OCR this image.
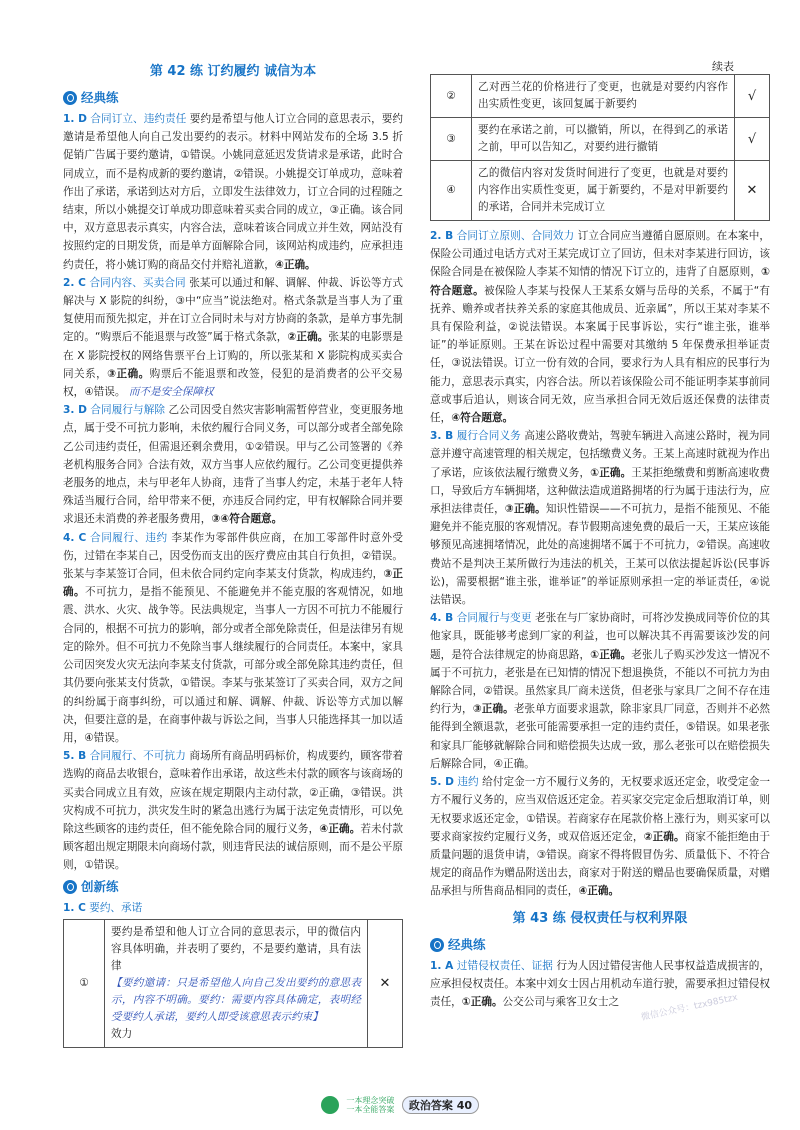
续表
第 42 练 订约履约 诚信为本
经典练
1. D 合同订立、违约责任 要约是希望与他人订立合同的意思表示，要约邀请是希望他人向自己发出要约的表示。材料中网站发布的全场 3.5 折促销广告属于要约邀请，①错误。小姚同意延迟发货请求是承诺，此时合同成立，而不是构成新的要约邀请，②错误。小姚提交订单成功，意味着作出了承诺，承诺到达对方后，立即发生法律效力，订立合同的过程随之结束，所以小姚提交订单成功即意味着买卖合同的成立，③正确。该合同中，双方意思表示真实，内容合法，意味着该合同成立并生效，网站没有按照约定的日期发货，而是单方面解除合同，该网站构成违约，应承担违约责任，将小姚订购的商品交付并赔礼道歉，④正确。
2. C 合同内容、买卖合同 张某可以通过和解、调解、仲裁、诉讼等方式解决与 X 影院的纠纷，③中“应当”说法绝对。格式条款是当事人为了重复使用而预先拟定，并在订立合同时未与对方协商的条款，是单方事先制定的。“购票后不能退票与改签”属于格式条款，②正确。张某的电影票是在 X 影院授权的网络售票平台上订购的，所以张某和 X 影院构成买卖合同关系，③正确。购票后不能退票和改签，侵犯的是消费者的公平交易权，④错误。 而不是安全保障权
3. D 合同履行与解除 乙公司因受自然灾害影响需暂停营业，变更服务地点，属于受不可抗力影响，未依约履行合同义务，可以部分或者全部免除乙公司违约责任，但需退还剩余费用，①②错误。甲与乙公司签署的《养老机构服务合同》合法有效，双方当事人应依约履行。乙公司变更提供养老服务的地点，未与甲老年人协商，违背了当事人约定，未基于老年人特殊适当履行合同，给甲带来不便，亦违反合同约定，甲有权解除合同并要求退还未消费的养老服务费用，③④符合题意。
4. C 合同履行、违约 李某作为零部件供应商，在加工零部件时意外受伤，过错在李某自己，因受伤而支出的医疗费应由其自行负担，②错误。张某与李某签订合同，但未依合同约定向李某支付货款，构成违约，③正确。不可抗力，是指不能预见、不能避免并不能克服的客观情况，如地震、洪水、火灾、战争等。民法典规定，当事人一方因不可抗力不能履行合同的，根据不可抗力的影响，部分或者全部免除责任，但是法律另有规定的除外。但不可抗力不免除当事人继续履行的合同责任。本案中，家具公司因突发火灾无法向李某支付货款，可部分或全部免除其违约责任，但其仍要向张某支付货款，①错误。李某与张某签订了买卖合同，双方之间的纠纷属于商事纠纷，可以通过和解、调解、仲裁、诉讼等方式加以解决，但要注意的是，在商事仲裁与诉讼之间，当事人只能选择其一加以适用，④错误。
5. B 合同履行、不可抗力 商场所有商品明码标价，构成要约，顾客带着选购的商品去收银台，意味着作出承诺，故这些未付款的顾客与该商场的买卖合同成立且有效，应该在规定期限内主动付款，②正确，③错误。洪灾构成不可抗力，洪灾发生时的紧急出逃行为属于法定免责情形，可以免除这些顾客的违约责任，但不能免除合同的履行义务，④正确。若未付款顾客超出规定期限未向商场付款，则违背民法的诚信原则，而不是公平原则，①错误。
创新练
1. C 要约、承诺
①	要约是希望和他人订立合同的意思表示，甲的微信内容具体明确，并表明了要约，不是要约邀请，具有法律
【要约邀请：只是希望他人向自己发出要约的意思表示，内容不明确。要约：需要内容具体确定，表明经受要约人承诺，要约人即受该意思表示约束】
效力	✕
②	乙对西兰花的价格进行了变更，也就是对要约内容作出实质性变更，该回复属于新要约	√
③	要约在承诺之前，可以撤销，所以，在得到乙的承诺之前，甲可以告知乙，对要约进行撤销	√
④	乙的微信内容对发货时间进行了变更，也就是对要约内容作出实质性变更，属于新要约，不是对甲新要约的承诺，合同并未完成订立	✕
2. B 合同订立原则、合同效力 订立合同应当遵循自愿原则。在本案中，保险公司通过电话方式对王某完成订立了回访，但未对李某进行回访，该保险合同是在被保险人李某不知情的情况下订立的，违背了自愿原则，①符合题意。被保险人李某与投保人王某系女婿与岳母的关系，不属于“有抚养、赡养或者扶养关系的家庭其他成员、近亲属”，所以王某对李某不具有保险利益，②说法错误。本案属于民事诉讼，实行“谁主张，谁举证”的举证原则。王某在诉讼过程中需要对其缴纳 5 年保费承担举证责任，③说法错误。订立一份有效的合同，要求行为人具有相应的民事行为能力，意思表示真实，内容合法。所以若该保险公司不能证明李某事前同意或事后追认，则该合同无效，应当承担合同无效后返还保费的法律责任，④符合题意。
3. B 履行合同义务 高速公路收费站，驾驶车辆进入高速公路时，视为同意并遵守高速管理的相关规定，包括缴费义务。王某上高速时就视为作出了承诺，应该依法履行缴费义务，①正确。王某拒绝缴费和剪断高速收费口，导致后方车辆拥堵，这种做法造成道路拥堵的行为属于违法行为，应承担法律责任，③正确。知识性错误——不可抗力，是指不能预见、不能避免并不能克服的客观情况。春节假期高速免费的最后一天，王某应该能够预见高速拥堵情况，此处的高速拥堵不属于不可抗力，②错误。高速收费站不是判决王某所做行为违法的机关，王某可以依法提起诉讼(民事诉讼)，需要根据“谁主张，谁举证”的举证原则承担一定的举证责任，④说法错误。
4. B 合同履行与变更 老张在与厂家协商时，可将沙发换成同等价位的其他家具，既能够考虑到厂家的利益，也可以解决其不再需要该沙发的问题，是符合法律规定的协商思路，①正确。老张儿子购买沙发这一情况不属于不可抗力，老张是在已知情的情况下想退换货，不能以不可抗力为由解除合同，②错误。虽然家具厂商未送货，但老张与家具厂之间不存在违约行为，③正确。老张单方面要求退款，除非家具厂同意，否则并不必然能得到全额退款，老张可能需要承担一定的违约责任，⑤错误。如果老张和家具厂能够就解除合同和赔偿损失达成一致，那么老张可以在赔偿损失后解除合同，④正确。
5. D 违约 给付定金一方不履行义务的，无权要求返还定金，收受定金一方不履行义务的，应当双倍返还定金。若买家交完定金后想取消订单，则无权要求返还定金，①错误。若商家存在尾款价格上涨行为，则买家可以要求商家按约定履行义务，或双倍返还定金，②正确。商家不能拒绝由于质量问题的退货申请，③错误。商家不得将假冒伪劣、质量低下、不符合规定的商品作为赠品附送出去，商家对于附送的赠品也要确保质量，对赠品承担与所售商品相同的责任，④正确。
第 43 练 侵权责任与权利界限
经典练
1. A 过错侵权责任、证据 行为人因过错侵害他人民事权益造成损害的，应承担侵权责任。本案中刘女士因占用机动车道行驶，需要承担过错侵权责任，①正确。公交公司与乘客卫女士之	微信公众号：tzx985tzx
一本理念突破
一本全能答案 政治答案 40
